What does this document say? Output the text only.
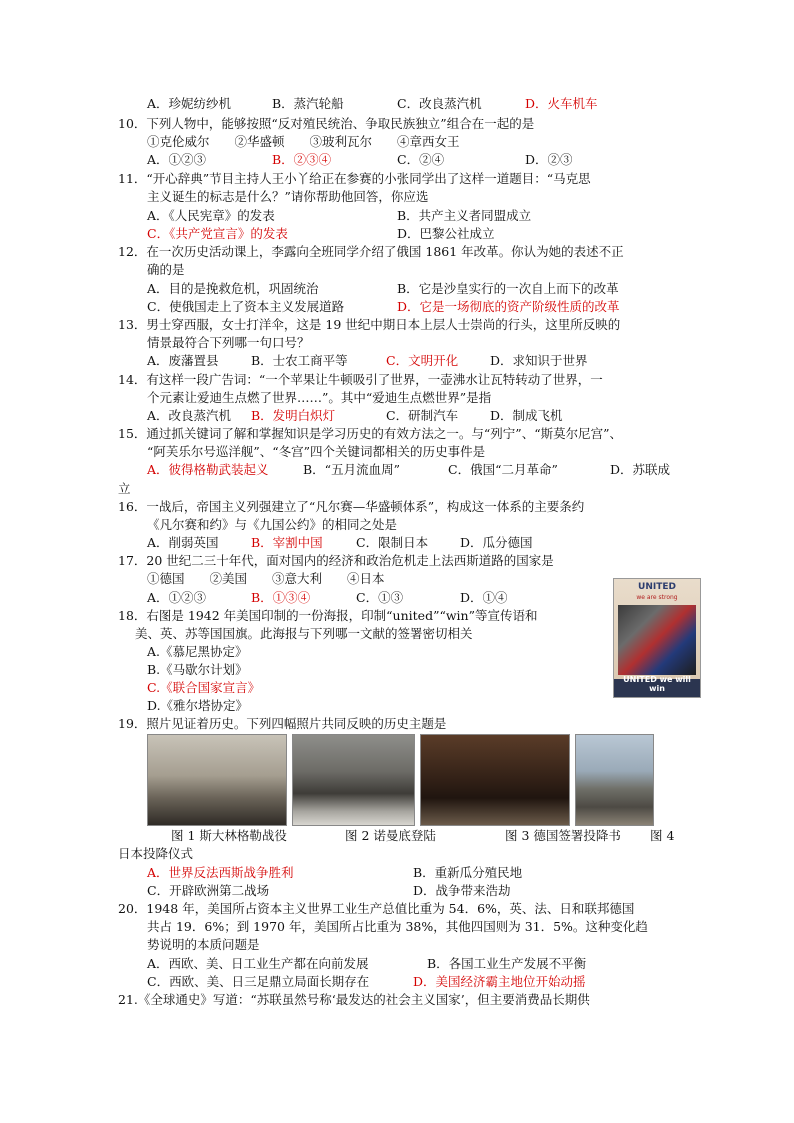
A．珍妮纺纱机	B．蒸汽轮船	C．改良蒸汽机	D．火车机车
10．下列人物中，能够按照“反对殖民统治、争取民族独立”组合在一起的是
①克伦威尔　　②华盛顿　　③玻利瓦尔　　④章西女王
A．①②③	B．②③④	C．②④	D．②③
11．“开心辞典”节目主持人王小丫给正在参赛的小张同学出了这样一道题目：“马克思
主义诞生的标志是什么？”请你帮助他回答，你应选
A．《人民宪章》的发表	B．共产主义者同盟成立
C．《共产党宣言》的发表	D．巴黎公社成立
12．在一次历史活动课上，李露向全班同学介绍了俄国 1861 年改革。你认为她的表述不正
确的是
A．目的是挽救危机，巩固统治	B．它是沙皇实行的一次自上而下的改革
C．使俄国走上了资本主义发展道路	D．它是一场彻底的资产阶级性质的改革
13．男士穿西服，女士打洋伞，这是 19 世纪中期日本上层人士崇尚的行头，这里所反映的
情景最符合下列哪一句口号？
A．废藩置县	B．士农工商平等	C．文明开化	D．求知识于世界
14．有这样一段广告词：“一个苹果让牛顿吸引了世界，一壶沸水让瓦特转动了世界，一
个元素让爱迪生点燃了世界……”。其中“爱迪生点燃世界”是指
A．改良蒸汽机 B．发明白炽灯	C．研制汽车	D．制成飞机
15．通过抓关键词了解和掌握知识是学习历史的有效方法之一。与“列宁”、“斯莫尔尼宫”、
“阿芙乐尔号巡洋舰”、“冬宫”四个关键词都相关的历史事件是
A．彼得格勒武装起义	B．“五月流血周”	C．俄国“二月革命”	D．苏联成
立
16．一战后，帝国主义列强建立了“凡尔赛—华盛顿体系”，构成这一体系的主要条约
《凡尔赛和约》与《九国公约》的相同之处是
A．削弱英国	B．宰割中国	C．限制日本	D．瓜分德国
17．20 世纪二三十年代，面对国内的经济和政治危机走上法西斯道路的国家是
①德国　　②美国　　③意大利　　④日本
A．①②③	B．①③④	C．①③	D．①④
18．右图是 1942 年美国印制的一份海报，印制“united”“win”等宣传语和
美、英、苏等国国旗。此海报与下列哪一文献的签署密切相关
A.《慕尼黑协定》
B.《马歇尔计划》
C.《联合国家宣言》
D.《雅尔塔协定》
19．照片见证着历史。下列四幅照片共同反映的历史主题是
图 1 斯大林格勒战役	图 2 诺曼底登陆	图 3 德国签署投降书 图 4
日本投降仪式
A．世界反法西斯战争胜利	B．重新瓜分殖民地
C．开辟欧洲第二战场	D．战争带来浩劫
20．1948 年，美国所占资本主义世界工业生产总值比重为 54．6%，英、法、日和联邦德国
共占 19．6%；到 1970 年，美国所占比重为 38%，其他四国则为 31．5%。这种变化趋
势说明的本质问题是
A．西欧、美、日工业生产都在向前发展	B．各国工业生产发展不平衡
C．西欧、美、日三足鼎立局面长期存在	D．美国经济霸主地位开始动摇
21.《全球通史》写道：“苏联虽然号称‘最发达的社会主义国家’，但主要消费品长期供
UNITED
we are strong
UNITED we will win
